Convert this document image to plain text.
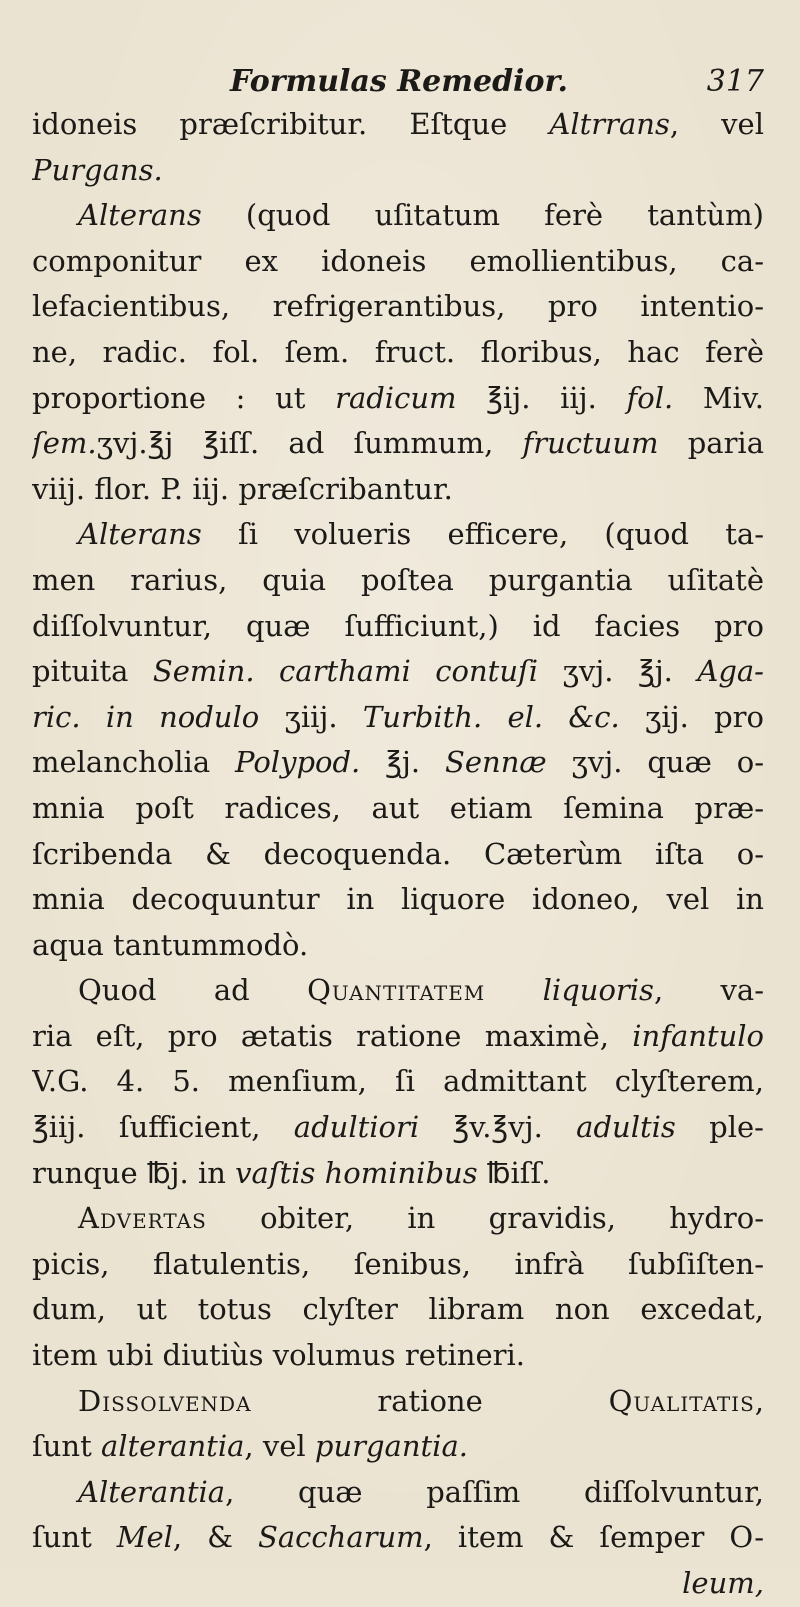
Formulas Remedior.	317
idoneis præſcribitur. Eſtque Altrrans, vel
Purgans.
Alterans (quod uſitatum ferè tantùm)
componitur ex idoneis emollientibus, ca-
lefacientibus, refrigerantibus, pro intentio-
ne, radic. fol. ſem. fruct. floribus, hac ferè
proportione : ut radicum ℥ij. iij. fol. Miv.
ſem.ʒvj.℥j ℥iſſ. ad ſummum, fructuum paria
viij. flor. P. iij. præſcribantur.
Alterans ſi volueris efficere, (quod ta-
men rarius, quia poſtea purgantia uſitatè
diſſolvuntur, quæ ſufficiunt,) id facies pro
pituita Semin. carthami contuſi ʒvj. ℥j. Aga-
ric. in nodulo ʒiij. Turbith. el. &c. ʒij. pro
melancholia Polypod. ℥j. Sennæ ʒvj. quæ o-
mnia poſt radices, aut etiam ſemina præ-
ſcribenda & decoquenda. Cæterùm iſta o-
mnia decoquuntur in liquore idoneo, vel in
aqua tantummodò.
Quod ad Quantitatem liquoris, va-
ria eſt, pro ætatis ratione maximè, infantulo
V.G. 4. 5. menſium, ſi admittant clyſterem,
℥iij. ſufficient, adultiori ℥v.℥vj. adultis ple-
runque ℔j. in vaſtis hominibus ℔iſſ.
Advertas obiter, in gravidis, hydro-
picis, flatulentis, ſenibus, infrà ſubſiſten-
dum, ut totus clyſter libram non excedat,
item ubi diutiùs volumus retineri.
Dissolvenda ratione Qualitatis,
ſunt alterantia, vel purgantia.
Alterantia, quæ paſſim diſſolvuntur,
ſunt Mel, & Saccharum, item & ſemper O-
leum,
